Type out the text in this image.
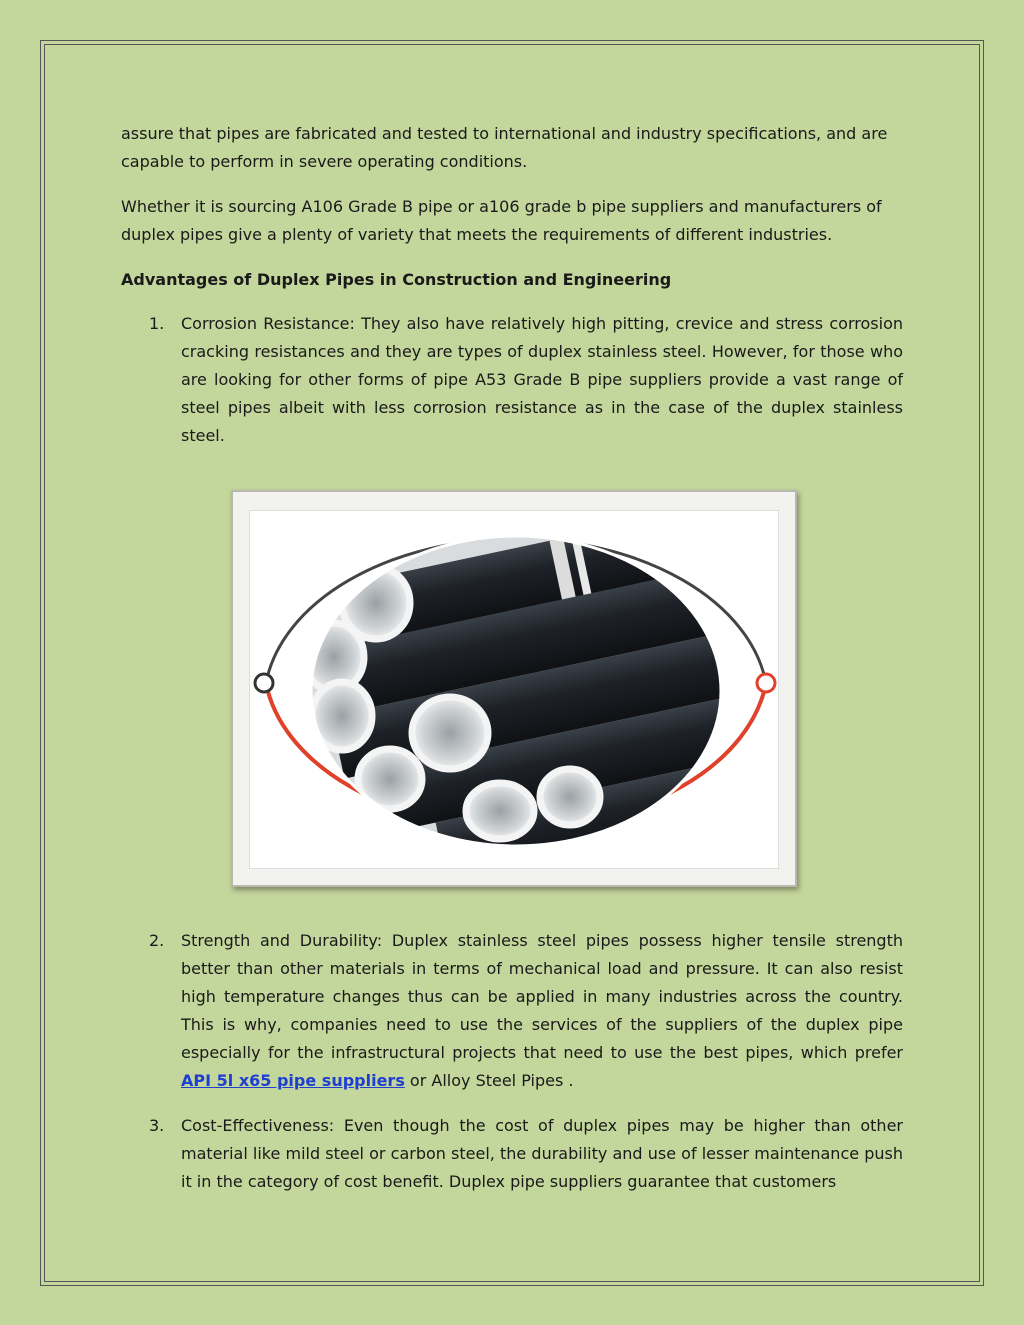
assure that pipes are fabricated and tested to international and industry specifications, and are capable to perform in severe operating conditions.

Whether it is sourcing A106 Grade B pipe or a106 grade b pipe suppliers and manufacturers of duplex pipes give a plenty of variety that meets the requirements of different industries.

Advantages of Duplex Pipes in Construction and Engineering

1. Corrosion Resistance: They also have relatively high pitting, crevice and stress corrosion cracking resistances and they are types of duplex stainless steel. However, for those who are looking for other forms of pipe A53 Grade B pipe suppliers provide a vast range of steel pipes albeit with less corrosion resistance as in the case of the duplex stainless steel.
2. Strength and Durability: Duplex stainless steel pipes possess higher tensile strength better than other materials in terms of mechanical load and pressure. It can also resist high temperature changes thus can be applied in many industries across the country. This is why, companies need to use the services of the suppliers of the duplex pipe especially for the infrastructural projects that need to use the best pipes, which prefer API 5l x65 pipe suppliers or Alloy Steel Pipes .
3. Cost-Effectiveness: Even though the cost of duplex pipes may be higher than other material like mild steel or carbon steel, the durability and use of lesser maintenance push it in the category of cost benefit. Duplex pipe suppliers guarantee that customers
